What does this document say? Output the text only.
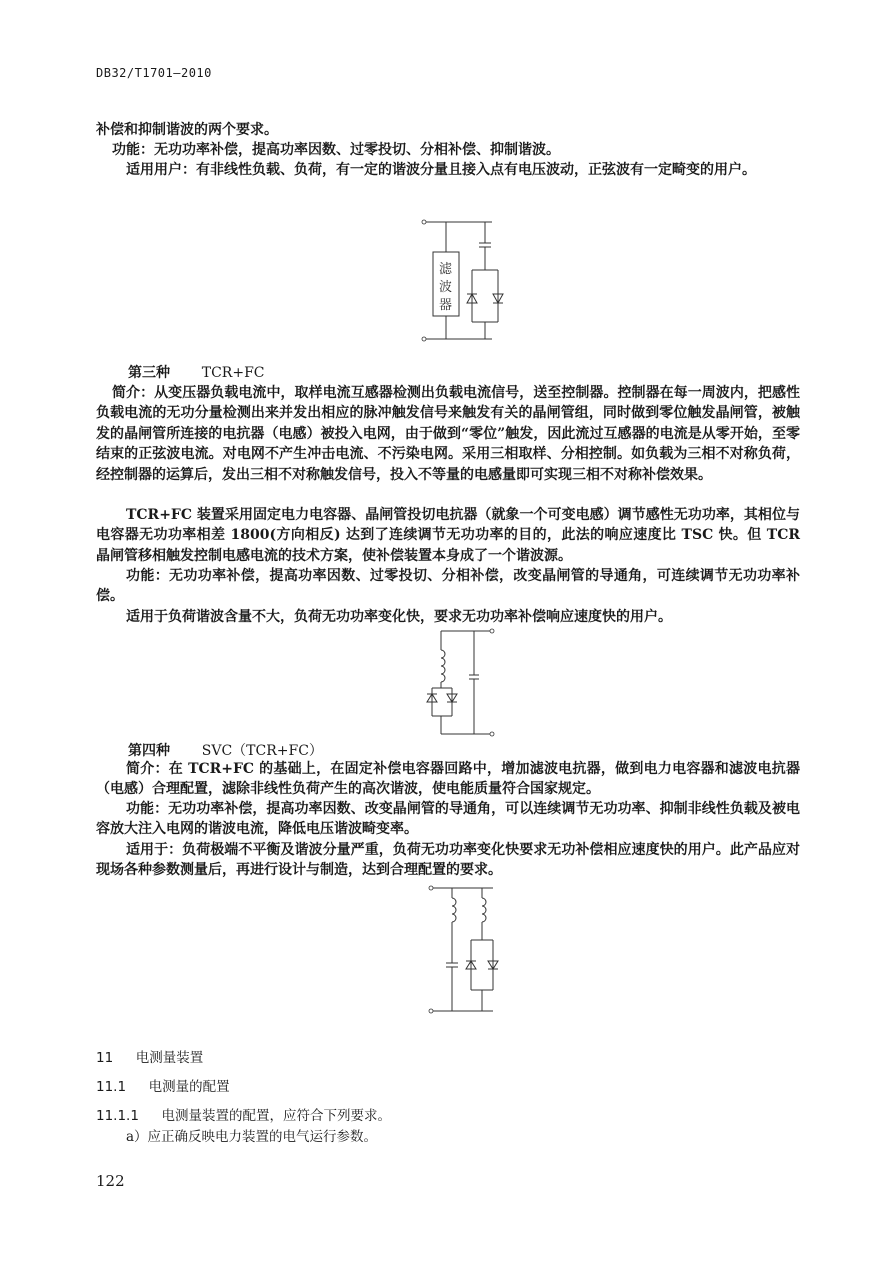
DB32/T1701—2010
补偿和抑制谐波的两个要求。
功能：无功功率补偿，提高功率因数、过零投切、分相补偿、抑制谐波。
适用用户：有非线性负载、负荷，有一定的谐波分量且接入点有电压波动，正弦波有一定畸变的用户。
滤
波
器
第三种 TCR+FC
简介：从变压器负载电流中，取样电流互感器检测出负载电流信号，送至控制器。控制器在每一周波内，把感性负载电流的无功分量检测出来并发出相应的脉冲触发信号来触发有关的晶闸管组，同时做到零位触发晶闸管，被触发的晶闸管所连接的电抗器（电感）被投入电网，由于做到“零位”触发，因此流过互感器的电流是从零开始，至零结束的正弦波电流。对电网不产生冲击电流、不污染电网。采用三相取样、分相控制。如负载为三相不对称负荷，经控制器的运算后，发出三相不对称触发信号，投入不等量的电感量即可实现三相不对称补偿效果。
TCR+FC 装置采用固定电力电容器、晶闸管投切电抗器（就象一个可变电感）调节感性无功功率，其相位与电容器无功功率相差 1800(方向相反) 达到了连续调节无功功率的目的，此法的响应速度比 TSC 快。但 TCR 晶闸管移相触发控制电感电流的技术方案，使补偿装置本身成了一个谐波源。
功能：无功功率补偿，提高功率因数、过零投切、分相补偿，改变晶闸管的导通角，可连续调节无功功率补偿。
适用于负荷谐波含量不大，负荷无功功率变化快，要求无功功率补偿响应速度快的用户。
第四种 SVC（TCR+FC）
简介：在 TCR+FC 的基础上，在固定补偿电容器回路中，增加滤波电抗器，做到电力电容器和滤波电抗器（电感）合理配置，滤除非线性负荷产生的高次谐波，使电能质量符合国家规定。
功能：无功功率补偿，提高功率因数、改变晶闸管的导通角，可以连续调节无功功率、抑制非线性负载及被电容放大注入电网的谐波电流，降低电压谐波畸变率。
适用于：负荷极端不平衡及谐波分量严重，负荷无功功率变化快要求无功补偿相应速度快的用户。此产品应对现场各种参数测量后，再进行设计与制造，达到合理配置的要求。
11 电测量装置
11.1 电测量的配置
11.1.1 电测量装置的配置，应符合下列要求。
a）应正确反映电力装置的电气运行参数。
122
